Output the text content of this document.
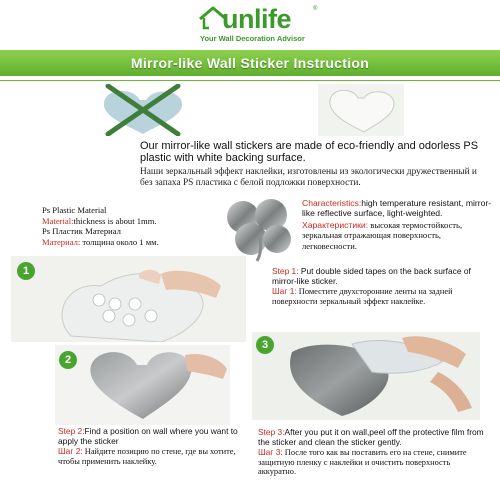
unlife	®
Your Wall Decoration Advisor
Mirror-like Wall Sticker Instruction
Our mirror-like wall stickers are made of eco-friendly and odorless PS plastic with white backing surface.
Наши зеркальный эффект наклейки, изготовлены из экологически дружественный и без запаха PS пластика с белой подложки поверхности.
Ps Plastic Material
Material:thickness is about 1mm.
Ps Пластик Материал
Материал: толщина около 1 мм.
Characteristics:high temperature resistant, mirror-like reflective surface, light-weighted.
Характеристики: высокая термостойкость, зеркальная отражающая поверхность, легковесности.
1	Step 1: Put double sided tapes on the back surface of mirror-like sticker.
Шаг 1: Поместите двухсторонние ленты на задней поверхности зеркальный эффект наклейке.
2
Step 2:Find a position on wall where you want to apply the sticker
Шаг 2: Найдите позицию по стене, где вы хотите, чтобы применить наклейку.
3
Step 3:After you put it on wall,peel off the protective film from the sticker and clean the sticker gently.
Шаг 3: После того как вы поставить его на стене, снимите защитную пленку с наклейки и очистить поверхность аккуратно.
